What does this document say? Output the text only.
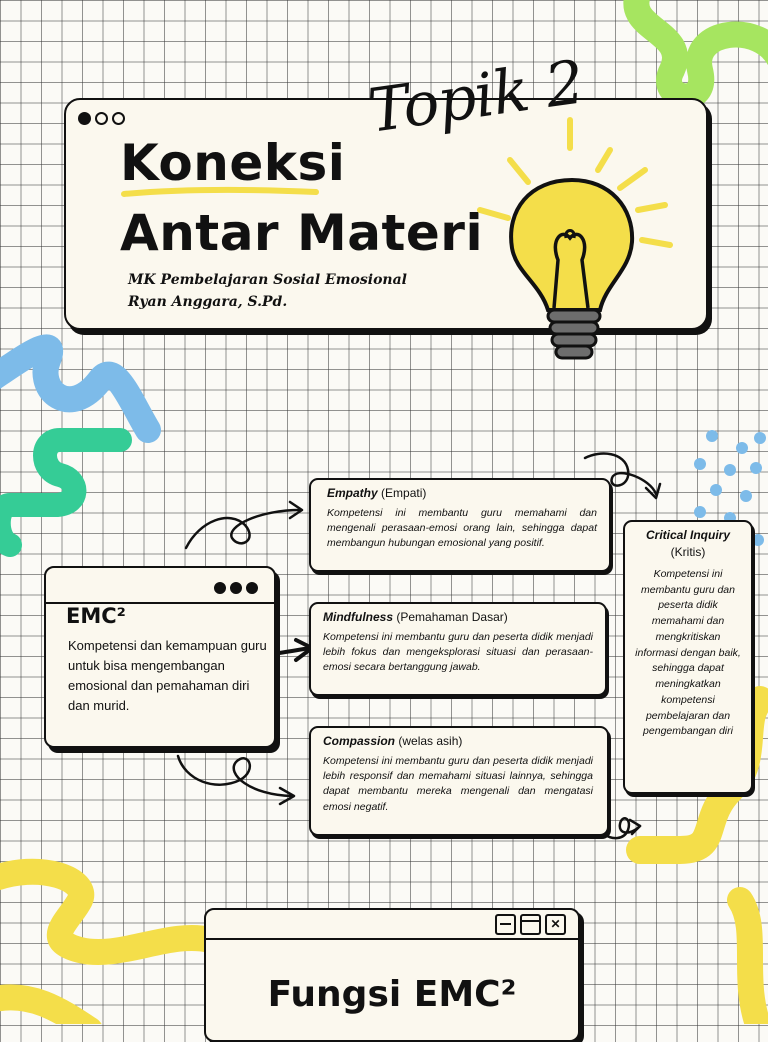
Koneksi
Antar Materi
MK Pembelajaran Sosial Emosional
Ryan Anggara, S.Pd.
Topik 2
EMC²
Kompetensi dan kemampuan guru untuk bisa mengembangan emosional dan pemahaman diri dan murid.

Empathy (Empati)

Kompetensi ini membantu guru memahami dan mengenali perasaan-emosi orang lain, sehingga dapat membangun hubungan emosional yang positif.

Mindfulness (Pemahaman Dasar)

Kompetensi ini membantu guru dan peserta didik menjadi lebih fokus dan mengeksplorasi situasi dan perasaan-emosi secara bertanggung jawab.

Compassion (welas asih)

Kompetensi ini membantu guru dan peserta didik menjadi lebih responsif dan memahami situasi lainnya, sehingga dapat membantu mereka mengenali dan mengatasi emosi negatif.
Critical Inquiry
(Kritis)
Kompetensi ini membantu guru dan peserta didik memahami dan mengkritiskan informasi dengan baik, sehingga dapat meningkatkan kompetensi pembelajaran dan pengembangan diri
✕
Fungsi EMC²
